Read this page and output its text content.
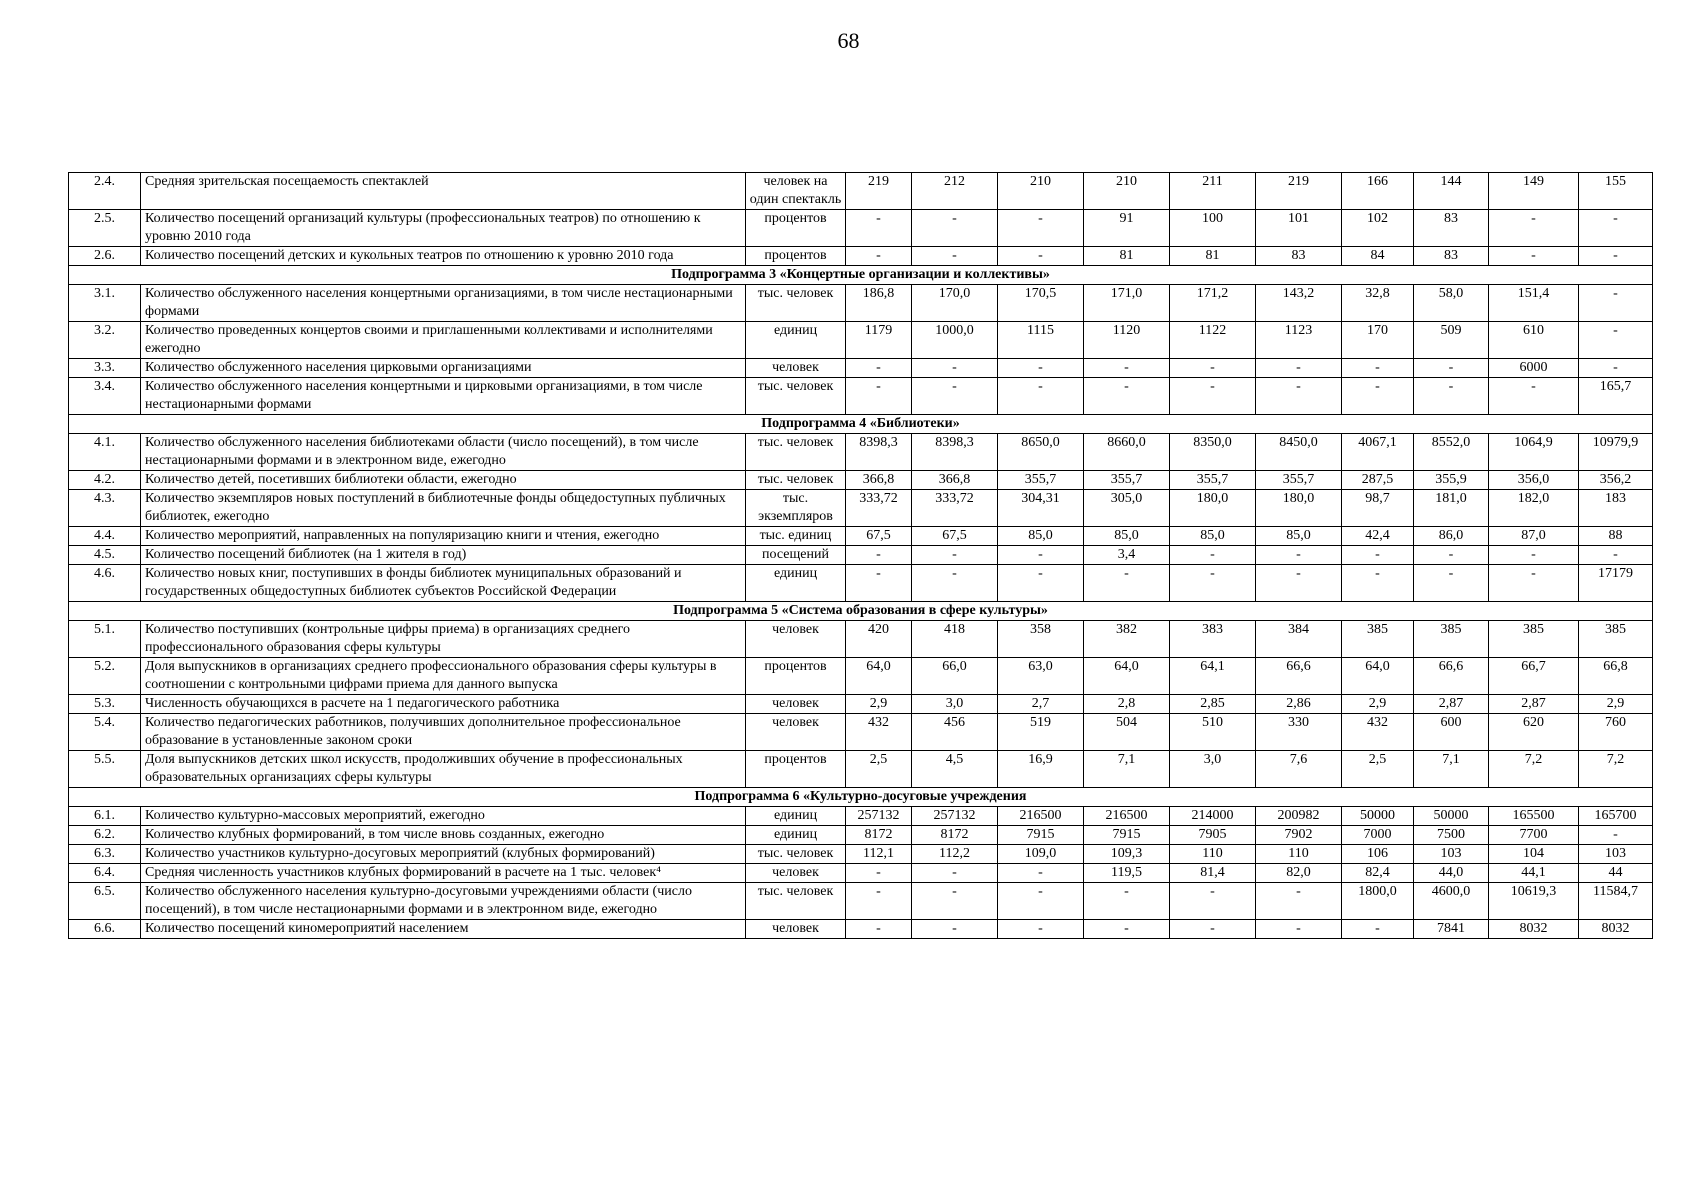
68
2.4.	Средняя зрительская посещаемость спектаклей	человек на один спектакль	219	212	210	210	211	219	166	144	149	155
2.5.	Количество посещений организаций культуры (профессиональных театров) по отношению к уровню 2010 года	процентов	-	-	-	91	100	101	102	83	-	-
2.6.	Количество посещений детских и кукольных театров по отношению к уровню 2010 года	процентов	-	-	-	81	81	83	84	83	-	-
Подпрограмма 3 «Концертные организации и коллективы»												
3.1.	Количество обслуженного населения концертными организациями, в том числе нестационарными формами	тыс. человек	186,8	170,0	170,5	171,0	171,2	143,2	32,8	58,0	151,4	-
3.2.	Количество проведенных концертов своими и приглашенными коллективами и исполнителями ежегодно	единиц	1179	1000,0	1115	1120	1122	1123	170	509	610	-
3.3.	Количество обслуженного населения цирковыми организациями	человек	-	-	-	-	-	-	-	-	6000	-
3.4.	Количество обслуженного населения концертными и цирковыми организациями, в том числе нестационарными формами	тыс. человек	-	-	-	-	-	-	-	-	-	165,7
Подпрограмма 4 «Библиотеки»												
4.1.	Количество обслуженного населения библиотеками области (число посещений), в том числе нестационарными формами и в электронном виде, ежегодно	тыс. человек	8398,3	8398,3	8650,0	8660,0	8350,0	8450,0	4067,1	8552,0	1064,9	10979,9
4.2.	Количество детей, посетивших библиотеки области, ежегодно	тыс. человек	366,8	366,8	355,7	355,7	355,7	355,7	287,5	355,9	356,0	356,2
4.3.	Количество экземпляров новых поступлений в библиотечные фонды общедоступных публичных библиотек, ежегодно	тыс. экземпляров	333,72	333,72	304,31	305,0	180,0	180,0	98,7	181,0	182,0	183
4.4.	Количество мероприятий, направленных на популяризацию книги и чтения, ежегодно	тыс. единиц	67,5	67,5	85,0	85,0	85,0	85,0	42,4	86,0	87,0	88
4.5.	Количество посещений библиотек (на 1 жителя в год)	посещений	-	-	-	3,4	-	-	-	-	-	-
4.6.	Количество новых книг, поступивших в фонды библиотек муниципальных образований и государственных общедоступных библиотек субъектов Российской Федерации	единиц	-	-	-	-	-	-	-	-	-	17179
Подпрограмма 5 «Система образования в сфере культуры»												
5.1.	Количество поступивших (контрольные цифры приема) в организациях среднего профессионального образования сферы культуры	человек	420	418	358	382	383	384	385	385	385	385
5.2.	Доля выпускников в организациях среднего профессионального образования сферы культуры в соотношении с контрольными цифрами приема для данного выпуска	процентов	64,0	66,0	63,0	64,0	64,1	66,6	64,0	66,6	66,7	66,8
5.3.	Численность обучающихся в расчете на 1 педагогического работника	человек	2,9	3,0	2,7	2,8	2,85	2,86	2,9	2,87	2,87	2,9
5.4.	Количество педагогических работников, получивших дополнительное профессиональное образование в установленные законом сроки	человек	432	456	519	504	510	330	432	600	620	760
5.5.	Доля выпускников детских школ искусств, продолживших обучение в профессиональных образовательных организациях сферы культуры	процентов	2,5	4,5	16,9	7,1	3,0	7,6	2,5	7,1	7,2	7,2
Подпрограмма 6 «Культурно-досуговые учреждения												
6.1.	Количество культурно-массовых мероприятий, ежегодно	единиц	257132	257132	216500	216500	214000	200982	50000	50000	165500	165700
6.2.	Количество клубных формирований, в том числе вновь созданных, ежегодно	единиц	8172	8172	7915	7915	7905	7902	7000	7500	7700	-
6.3.	Количество участников культурно-досуговых мероприятий (клубных формирований)	тыс. человек	112,1	112,2	109,0	109,3	110	110	106	103	104	103
6.4.	Средняя численность участников клубных формирований в расчете на 1 тыс. человек⁴	человек	-	-	-	119,5	81,4	82,0	82,4	44,0	44,1	44
6.5.	Количество обслуженного населения культурно-досуговыми учреждениями области (число посещений), в том числе нестационарными формами и в электронном виде, ежегодно	тыс. человек	-	-	-	-	-	-	1800,0	4600,0	10619,3	11584,7
6.6.	Количество посещений киномероприятий населением	человек	-	-	-	-	-	-	-	7841	8032	8032
